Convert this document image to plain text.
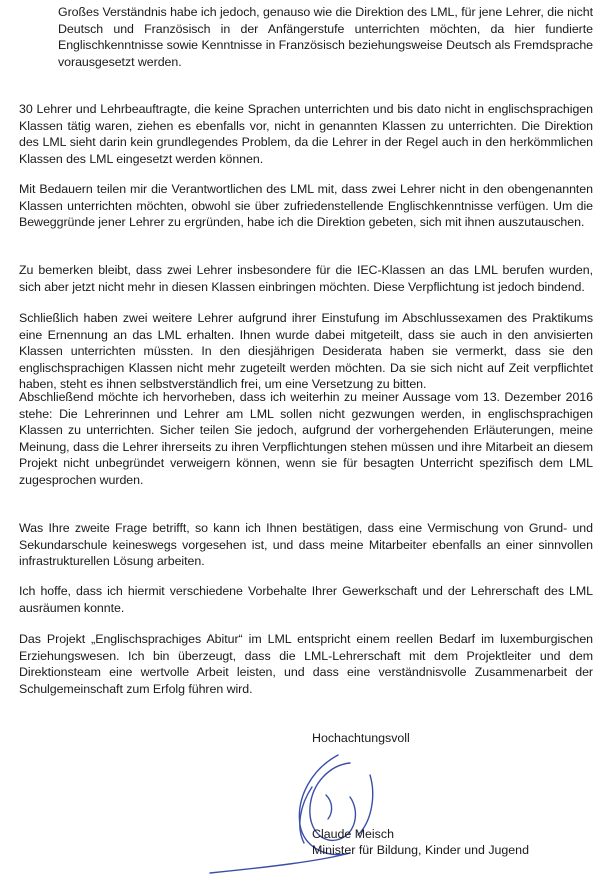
Großes Verständnis habe ich jedoch, genauso wie die Direktion des LML, für jene Lehrer, die nicht Deutsch und Französisch in der Anfängerstufe unterrichten möchten, da hier fundierte Englischkenntnisse sowie Kenntnisse in Französisch beziehungsweise Deutsch als Fremdsprache vorausgesetzt werden.

30 Lehrer und Lehrbeauftragte, die keine Sprachen unterrichten und bis dato nicht in englischsprachigen Klassen tätig waren, ziehen es ebenfalls vor, nicht in genannten Klassen zu unterrichten. Die Direktion des LML sieht darin kein grundlegendes Problem, da die Lehrer in der Regel auch in den herkömmlichen Klassen des LML eingesetzt werden können.

Mit Bedauern teilen mir die Verantwortlichen des LML mit, dass zwei Lehrer nicht in den obengenannten Klassen unterrichten möchten, obwohl sie über zufriedenstellende Englischkenntnisse verfügen. Um die Beweggründe jener Lehrer zu ergründen, habe ich die Direktion gebeten, sich mit ihnen auszutauschen.

Zu bemerken bleibt, dass zwei Lehrer insbesondere für die IEC-Klassen an das LML berufen wurden, sich aber jetzt nicht mehr in diesen Klassen einbringen möchten. Diese Verpflichtung ist jedoch bindend.

Schließlich haben zwei weitere Lehrer aufgrund ihrer Einstufung im Abschlussexamen des Praktikums eine Ernennung an das LML erhalten. Ihnen wurde dabei mitgeteilt, dass sie auch in den anvisierten Klassen unterrichten müssten. In den diesjährigen Desiderata haben sie vermerkt, dass sie den englischsprachigen Klassen nicht mehr zugeteilt werden möchten. Da sie sich nicht auf Zeit verpflichtet haben, steht es ihnen selbstverständlich frei, um eine Versetzung zu bitten.

Abschließend möchte ich hervorheben, dass ich weiterhin zu meiner Aussage vom 13. Dezember 2016 stehe: Die Lehrerinnen und Lehrer am LML sollen nicht gezwungen werden, in englischsprachigen Klassen zu unterrichten. Sicher teilen Sie jedoch, aufgrund der vorhergehenden Erläuterungen, meine Meinung, dass die Lehrer ihrerseits zu ihren Verpflichtungen stehen müssen und ihre Mitarbeit an diesem Projekt nicht unbegründet verweigern können, wenn sie für besagten Unterricht spezifisch dem LML zugesprochen wurden.

Was Ihre zweite Frage betrifft, so kann ich Ihnen bestätigen, dass eine Vermischung von Grund- und Sekundarschule keineswegs vorgesehen ist, und dass meine Mitarbeiter ebenfalls an einer sinnvollen infrastrukturellen Lösung arbeiten.

Ich hoffe, dass ich hiermit verschiedene Vorbehalte Ihrer Gewerkschaft und der Lehrerschaft des LML ausräumen konnte.

Das Projekt „Englischsprachiges Abitur“ im LML entspricht einem reellen Bedarf im luxemburgischen Erziehungswesen. Ich bin überzeugt, dass die LML-Lehrerschaft mit dem Projektleiter und dem Direktionsteam eine wertvolle Arbeit leisten, und dass eine verständnisvolle Zusammenarbeit der Schulgemeinschaft zum Erfolg führen wird.

Hochachtungsvoll
Claude Meisch
Minister für Bildung, Kinder und Jugend
